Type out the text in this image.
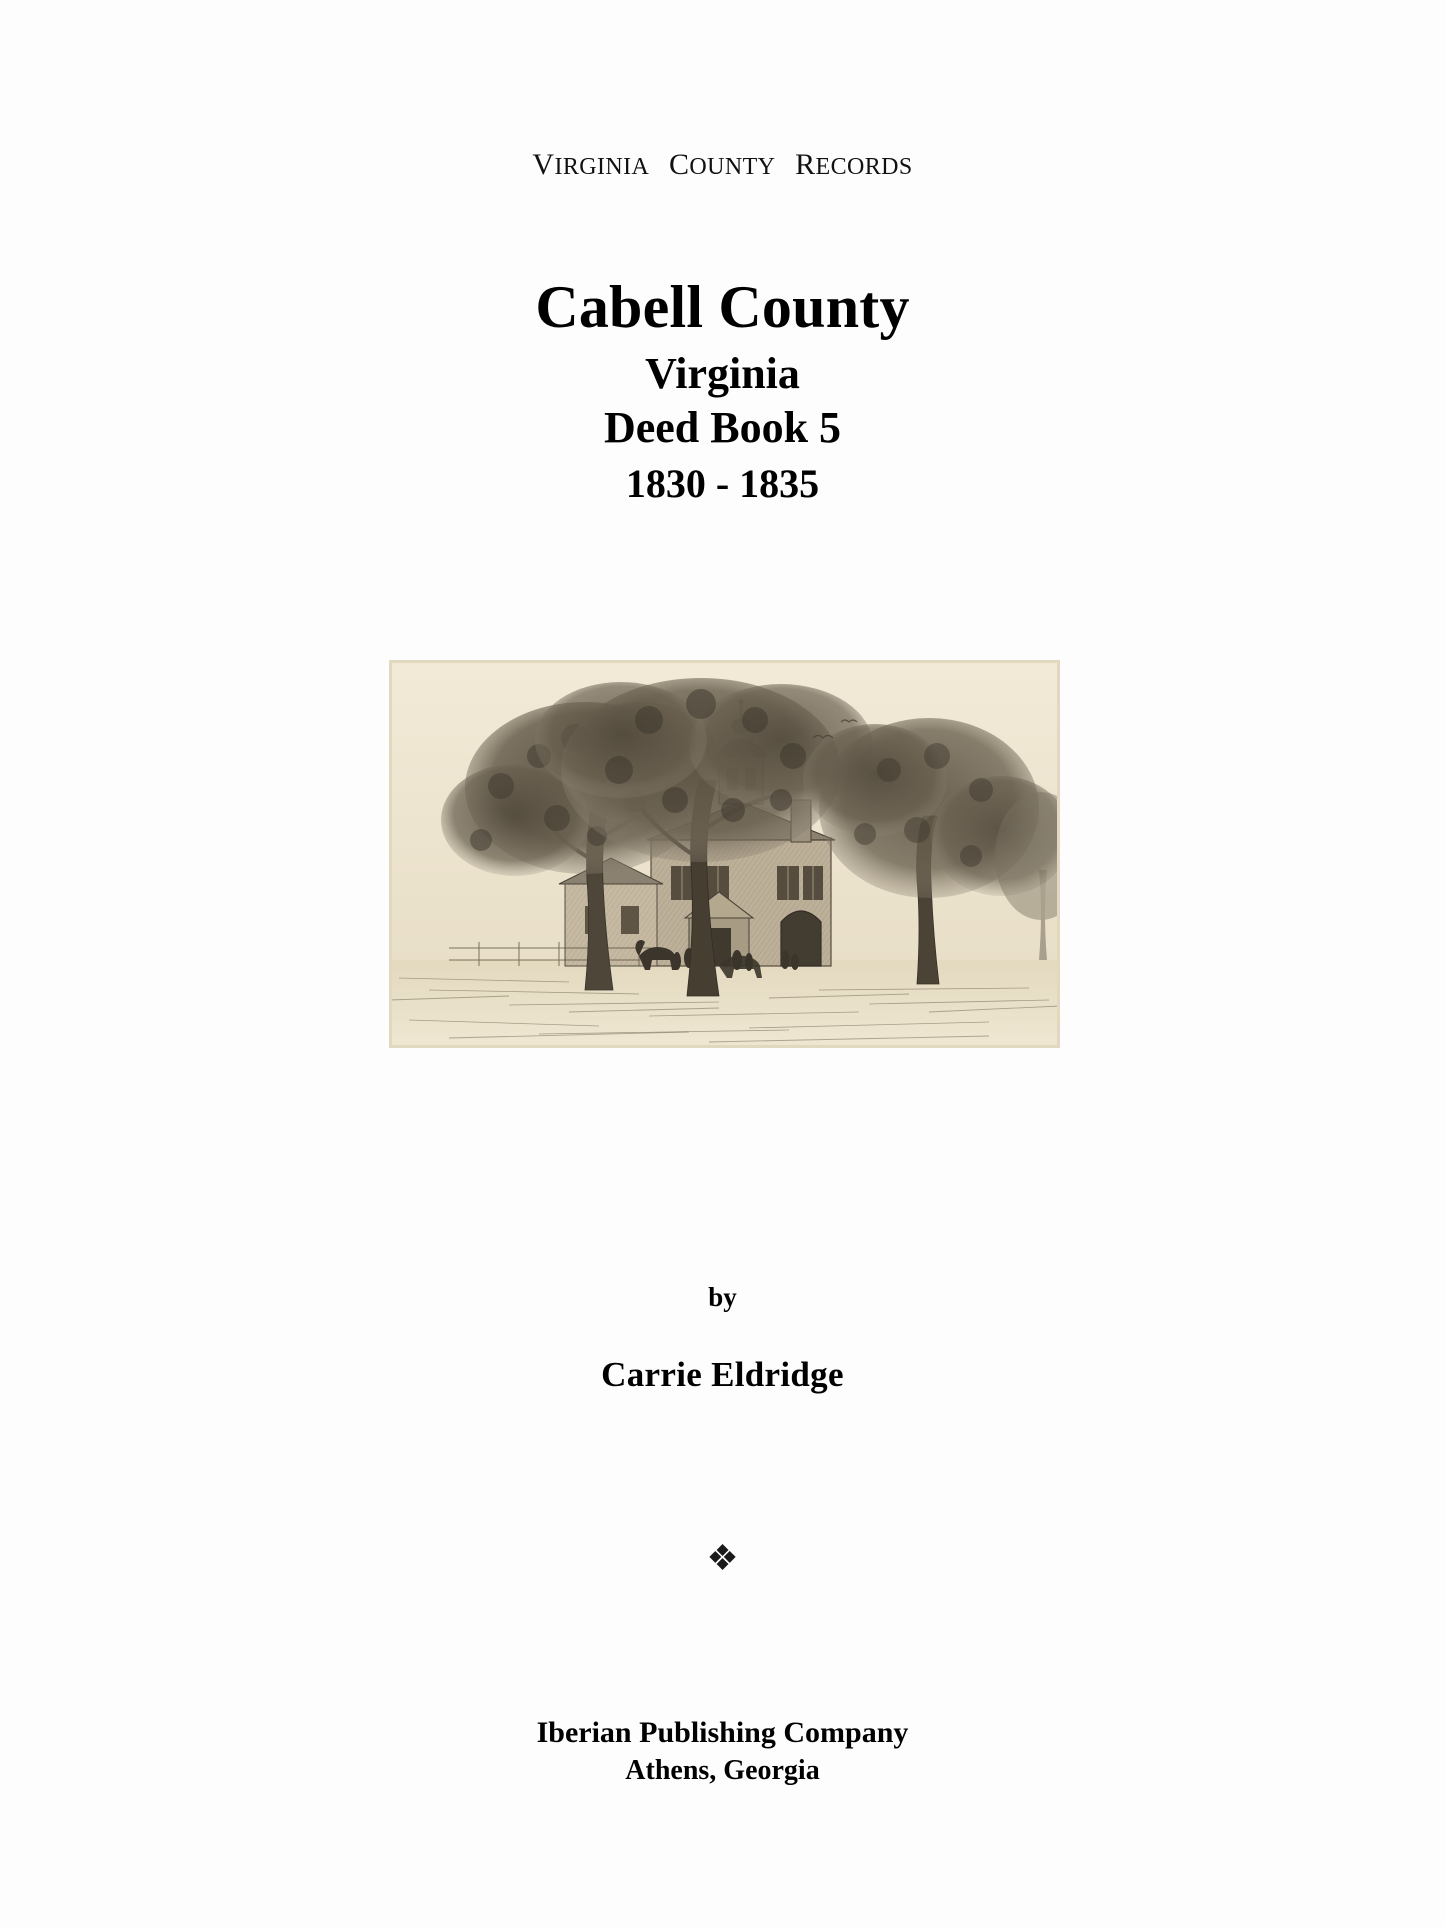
VIRGINIA COUNTY RECORDS
Cabell County
Virginia
Deed Book 5
1830 - 1835
by
Carrie Eldridge
❖
Iberian Publishing Company
Athens, Georgia
